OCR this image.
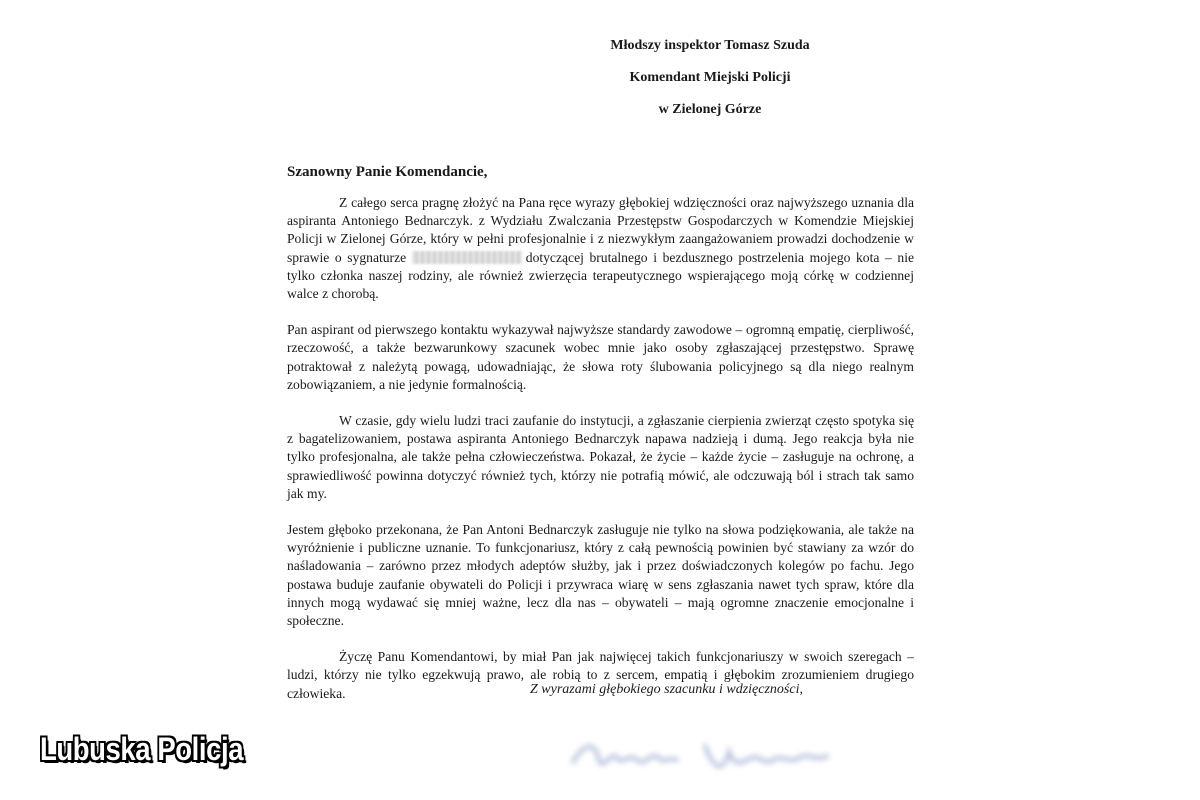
Młodszy inspektor Tomasz Szuda
Komendant Miejski Policji
w Zielonej Górze
Szanowny Panie Komendancie,

Z całego serca pragnę złożyć na Pana ręce wyrazy głębokiej wdzięczności oraz najwyższego uznania dla aspiranta Antoniego Bednarczyk. z Wydziału Zwalczania Przestępstw Gospodarczych w Komendzie Miejskiej Policji w Zielonej Górze, który w pełni profesjonalnie i z niezwykłym zaangażowaniem prowadzi dochodzenie w sprawie o sygnaturze	dotyczącej brutalnego i bezdusznego postrzelenia mojego kota – nie tylko członka naszej rodziny, ale również zwierzęcia terapeutycznego wspierającego moją córkę w codziennej walce z chorobą.

Pan aspirant od pierwszego kontaktu wykazywał najwyższe standardy zawodowe – ogromną empatię, cierpliwość, rzeczowość, a także bezwarunkowy szacunek wobec mnie jako osoby zgłaszającej przestępstwo. Sprawę potraktował z należytą powagą, udowadniając, że słowa roty ślubowania policyjnego są dla niego realnym zobowiązaniem, a nie jedynie formalnością.

W czasie, gdy wielu ludzi traci zaufanie do instytucji, a zgłaszanie cierpienia zwierząt często spotyka się z bagatelizowaniem, postawa aspiranta Antoniego Bednarczyk napawa nadzieją i dumą. Jego reakcja była nie tylko profesjonalna, ale także pełna człowieczeństwa. Pokazał, że życie – każde życie – zasługuje na ochronę, a sprawiedliwość powinna dotyczyć również tych, którzy nie potrafią mówić, ale odczuwają ból i strach tak samo jak my.

Jestem głęboko przekonana, że Pan Antoni Bednarczyk zasługuje nie tylko na słowa podziękowania, ale także na wyróżnienie i publiczne uznanie. To funkcjonariusz, który z całą pewnością powinien być stawiany za wzór do naśladowania – zarówno przez młodych adeptów służby, jak i przez doświadczonych kolegów po fachu. Jego postawa buduje zaufanie obywateli do Policji i przywraca wiarę w sens zgłaszania nawet tych spraw, które dla innych mogą wydawać się mniej ważne, lecz dla nas – obywateli – mają ogromne znaczenie emocjonalne i społeczne.

Życzę Panu Komendantowi, by miał Pan jak najwięcej takich funkcjonariuszy w swoich szeregach – ludzi, którzy nie tylko egzekwują prawo, ale robią to z sercem, empatią i głębokim zrozumieniem drugiego człowieka.	Z wyrazami głębokiego szacunku i wdzięczności,
Lubuska Policja
